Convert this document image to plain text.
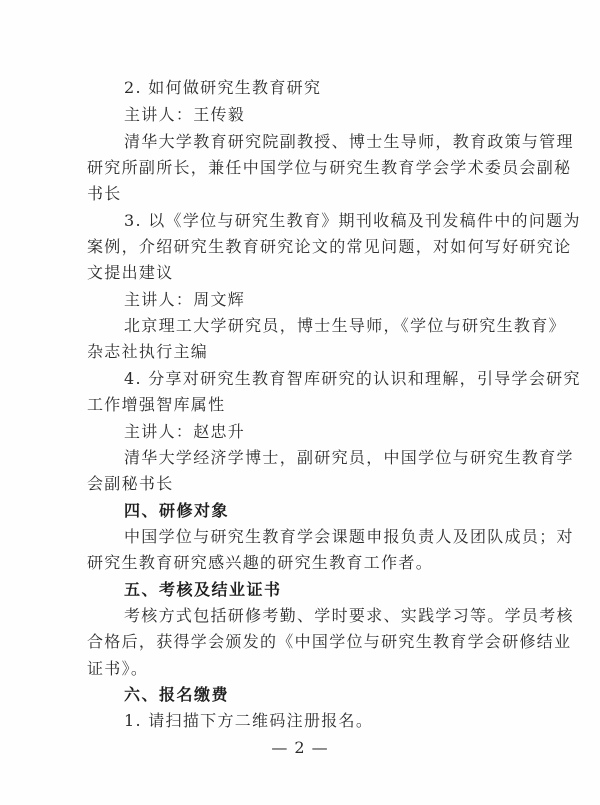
2. 如何做研究生教育研究
主讲人：王传毅
清华大学教育研究院副教授、博士生导师，教育政策与管理
研究所副所长，兼任中国学位与研究生教育学会学术委员会副秘
书长
3. 以《学位与研究生教育》期刊收稿及刊发稿件中的问题为
案例，介绍研究生教育研究论文的常见问题，对如何写好研究论
文提出建议
主讲人：周文辉
北京理工大学研究员，博士生导师，《学位与研究生教育》
杂志社执行主编
4. 分享对研究生教育智库研究的认识和理解，引导学会研究
工作增强智库属性
主讲人：赵忠升
清华大学经济学博士，副研究员，中国学位与研究生教育学
会副秘书长
四、研修对象
中国学位与研究生教育学会课题申报负责人及团队成员；对
研究生教育研究感兴趣的研究生教育工作者。
五、考核及结业证书
考核方式包括研修考勤、学时要求、实践学习等。学员考核
合格后，获得学会颁发的《中国学位与研究生教育学会研修结业
证书》。
六、报名缴费
1. 请扫描下方二维码注册报名。
— 2 —
